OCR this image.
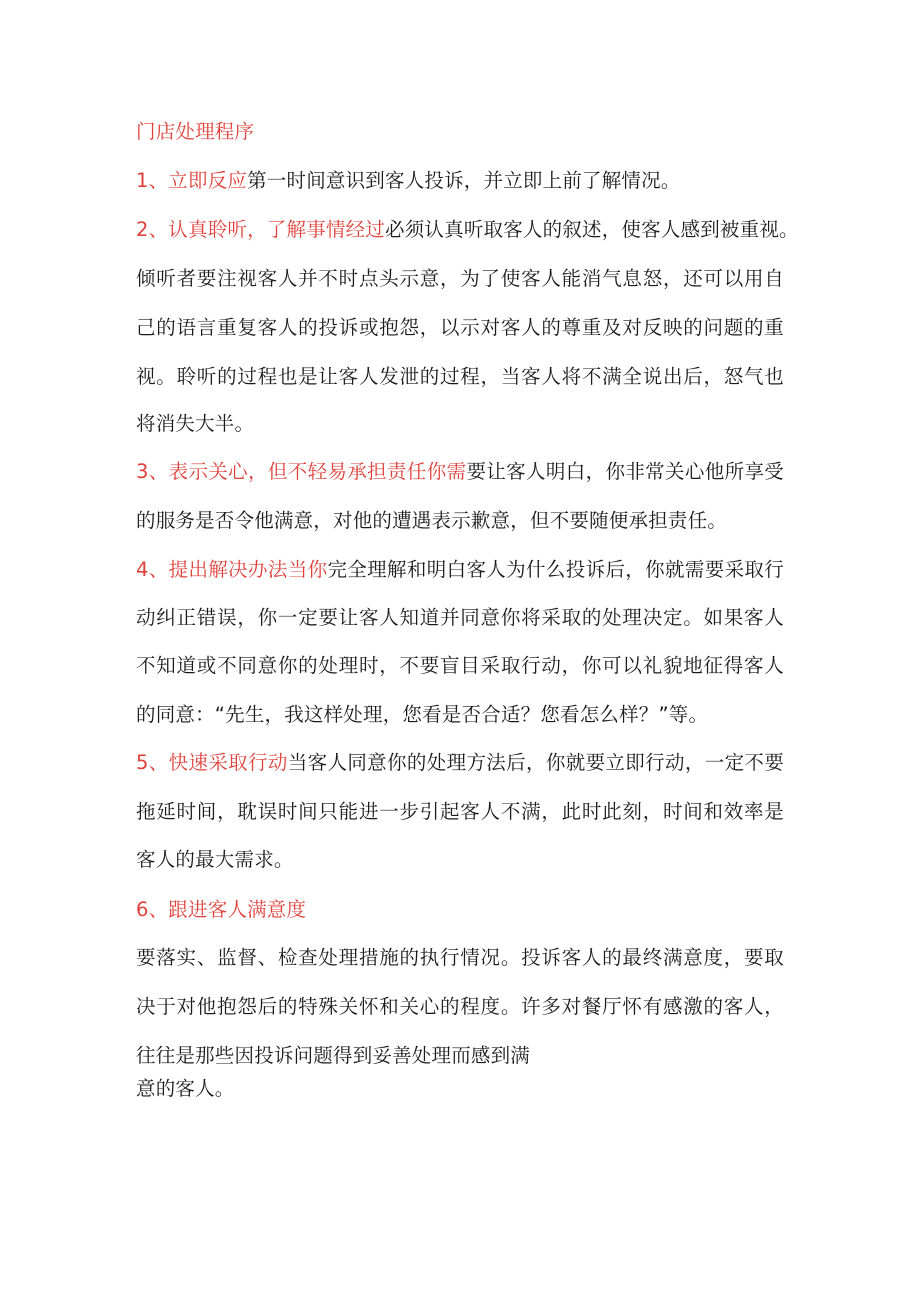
门店处理程序
1、立即反应第一时间意识到客人投诉，并立即上前了解情况。
2、认真聆听，了解事情经过必须认真听取客人的叙述，使客人感到被重视。
倾听者要注视客人并不时点头示意，为了使客人能消气息怒，还可以用自
己的语言重复客人的投诉或抱怨，以示对客人的尊重及对反映的问题的重
视。聆听的过程也是让客人发泄的过程，当客人将不满全说出后，怒气也
将消失大半。
3、表示关心，但不轻易承担责任你需要让客人明白，你非常关心他所享受
的服务是否令他满意，对他的遭遇表示歉意，但不要随便承担责任。
4、提出解决办法当你完全理解和明白客人为什么投诉后，你就需要采取行
动纠正错误，你一定要让客人知道并同意你将采取的处理决定。如果客人
不知道或不同意你的处理时，不要盲目采取行动，你可以礼貌地征得客人
的同意：“先生，我这样处理，您看是否合适？您看怎么样？”等。
5、快速采取行动当客人同意你的处理方法后，你就要立即行动，一定不要
拖延时间，耽误时间只能进一步引起客人不满，此时此刻，时间和效率是
客人的最大需求。
6、跟进客人满意度
要落实、监督、检查处理措施的执行情况。投诉客人的最终满意度，要取
决于对他抱怨后的特殊关怀和关心的程度。许多对餐厅怀有感激的客人，
往往是那些因投诉问题得到妥善处理而感到满
意的客人。
